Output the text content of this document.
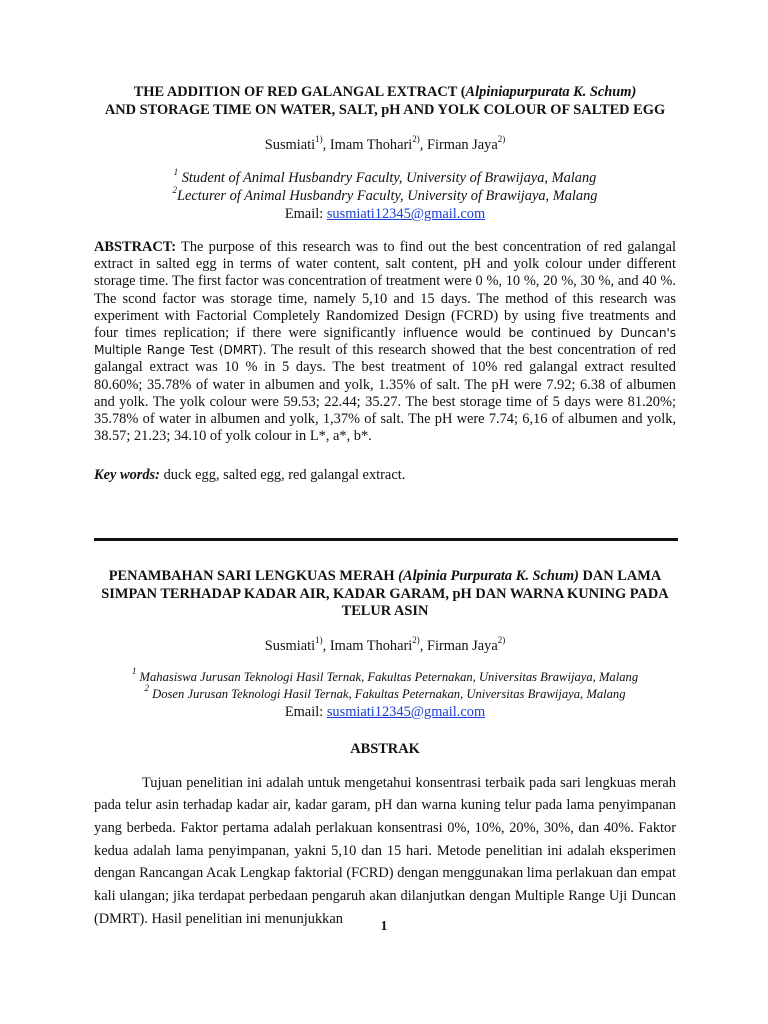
THE ADDITION OF RED GALANGAL EXTRACT (Alpiniapurpurata K. Schum)
AND STORAGE TIME ON WATER, SALT, pH AND YOLK COLOUR OF SALTED EGG

Susmiati$^{1)}$, Imam Thohari$^{2)}$, Firman Jaya$^{2)}$

$^1$ Student of Animal Husbandry Faculty, University of Brawijaya, Malang

$^2$Lecturer of Animal Husbandry Faculty, University of Brawijaya, Malang

Email: susmiati12345@gmail.com

ABSTRACT: The purpose of this research was to find out the best concentration of red galangal extract in salted egg in terms of water content, salt content, pH and yolk colour under different storage time. The first factor was concentration of treatment were 0 %, 10 %, 20 %, 30 %, and 40 %. The scond factor was storage time, namely 5,10 and 15 days. The method of this research was experiment with Factorial Completely Randomized Design (FCRD) by using five treatments and four times replication; if there were significantly influence would be continued by Duncan's Multiple Range Test (DMRT). The result of this research showed that the best concentration of red galangal extract was 10 % in 5 days. The best treatment of 10% red galangal extract resulted 80.60%; 35.78% of water in albumen and yolk, 1.35% of salt. The pH were 7.92; 6.38 of albumen and yolk. The yolk colour were 59.53; 22.44; 35.27. The best storage time of 5 days were 81.20%; 35.78% of water in albumen and yolk, 1,37% of salt. The pH were 7.74; 6,16 of albumen and yolk, 38.57; 21.23; 34.10 of yolk colour in L*, a*, b*.

Key words: duck egg, salted egg, red galangal extract.

PENAMBAHAN SARI LENGKUAS MERAH (Alpinia Purpurata K. Schum) DAN LAMA SIMPAN TERHADAP KADAR AIR, KADAR GARAM, pH DAN WARNA KUNING PADA TELUR ASIN

Susmiati$^{1)}$, Imam Thohari$^{2)}$, Firman Jaya$^{2)}$

$^1$ Mahasiswa Jurusan Teknologi Hasil Ternak, Fakultas Peternakan, Universitas Brawijaya, Malang

$^2$ Dosen Jurusan Teknologi Hasil Ternak, Fakultas Peternakan, Universitas Brawijaya, Malang

Email: susmiati12345@gmail.com

ABSTRAK

Tujuan penelitian ini adalah untuk mengetahui konsentrasi terbaik pada sari lengkuas merah pada telur asin terhadap kadar air, kadar garam, pH dan warna kuning telur pada lama penyimpanan yang berbeda. Faktor pertama adalah perlakuan konsentrasi 0%, 10%, 20%, 30%, dan 40%. Faktor kedua adalah lama penyimpanan, yakni 5,10 dan 15 hari. Metode penelitian ini adalah eksperimen dengan Rancangan Acak Lengkap faktorial (FCRD) dengan menggunakan lima perlakuan dan empat kali ulangan; jika terdapat perbedaan pengaruh akan dilanjutkan dengan Multiple Range Uji Duncan (DMRT). Hasil penelitian ini menunjukkan	1
